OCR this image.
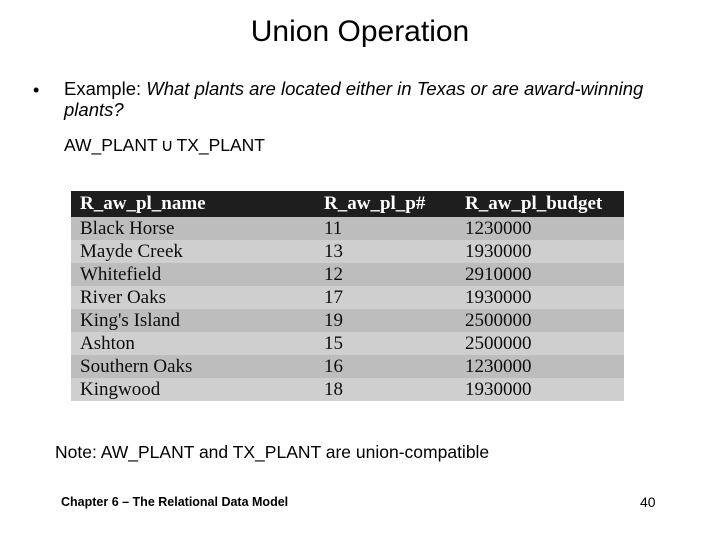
Union Operation
• Example: What plants are located either in Texas or are award-winning plants?
AW_PLANT ∪ TX_PLANT
R_aw_pl_name	R_aw_pl_p#	R_aw_pl_budget
Black Horse	11	1230000
Mayde Creek	13	1930000
Whitefield	12	2910000
River Oaks	17	1930000
King's Island	19	2500000
Ashton	15	2500000
Southern Oaks	16	1230000
Kingwood	18	1930000
Note: AW_PLANT and TX_PLANT are union-compatible
Chapter 6 – The Relational Data Model	40
